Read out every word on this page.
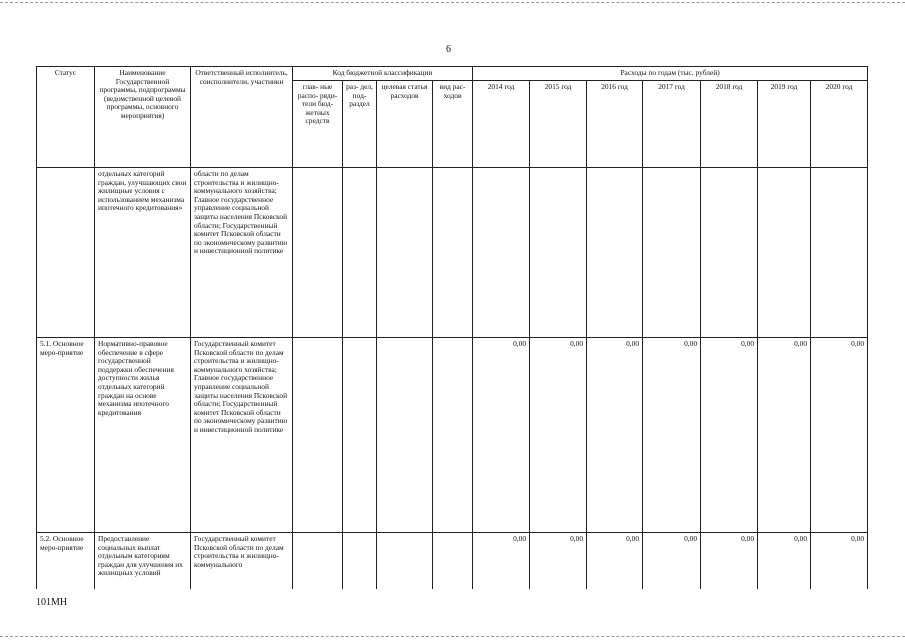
6
Статус	Наименование Государственной программы, подпрограммы (ведомственной целевой программы, основного мероприятия)	Ответственный исполнитель, соисполнители, участники	Код бюджетной классификации				Расходы по годам (тыс. рублей)						
			глав- ные распо- ряди- тели бюд- жетных средств	раз- дел, под- раздел	целевая статья расходов	вид рас- ходов	2014 год	2015 год	2016 год	2017 год	2018 год	2019 год	2020 год
	отдельных категорий граждан, улучшающих свои жилищные условия с использованием механизма ипотечного кредитования»	области по делам строительства и жилищно-коммунального хозяйства; Главное государственное управление социальной защиты населения Псковской области; Государственный комитет Псковской области по экономическому развитию и инвестиционной политике											
5.1. Основное меро-приятие	Нормативно-правовое обеспечение в сфере государственной поддержки обеспечения доступности жилья отдельных категорий граждан на основе механизма ипотечного кредитования	Государственный комитет Псковской области по делам строительства и жилищно-коммунального хозяйства; Главное государственное управление социальной защиты населения Псковской области; Государственный комитет Псковской области по экономическому развитию и инвестиционной политике					0,00	0,00	0,00	0,00	0,00	0,00	0,00
5.2. Основное меро-приятие	Предоставление социальных выплат отдельным категориям граждан для улучшения их жилищных условий	Государственный комитет Псковской области по делам строительства и жилищно-коммунального					0,00	0,00	0,00	0,00	0,00	0,00	0,00
101МН
